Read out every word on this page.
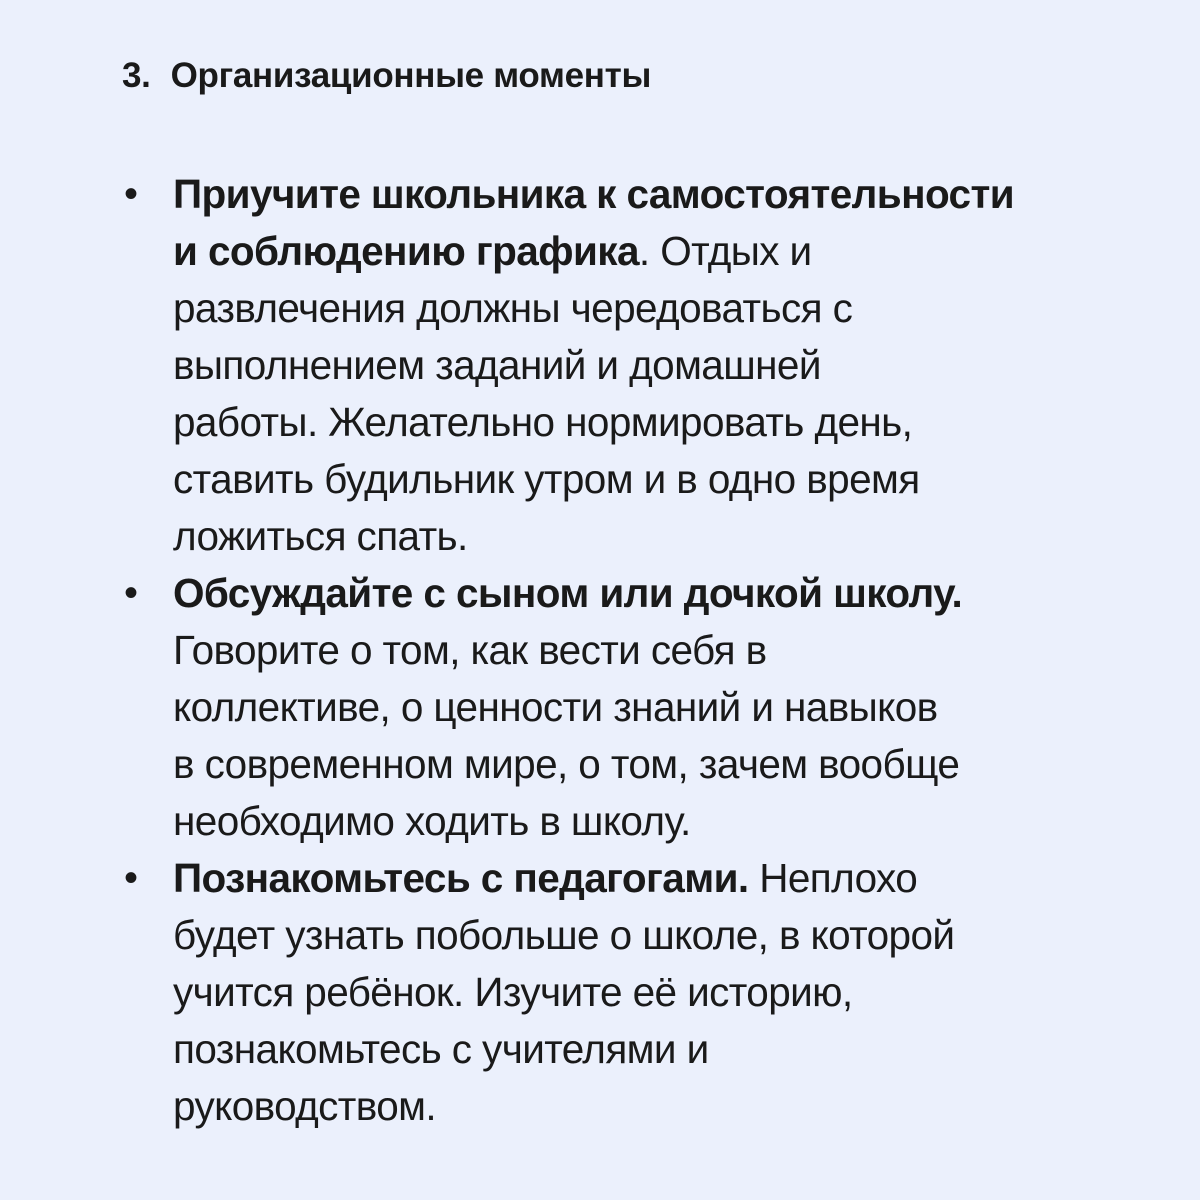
3. Организационные моменты
• Приучите школьника к самостоятельности
и соблюдению графика. Отдых и
развлечения должны чередоваться с
выполнением заданий и домашней
работы. Желательно нормировать день,
ставить будильник утром и в одно время
ложиться спать.
• Обсуждайте с сыном или дочкой школу.
Говорите о том, как вести себя в
коллективе, о ценности знаний и навыков
в современном мире, о том, зачем вообще
необходимо ходить в школу.
• Познакомьтесь с педагогами. Неплохо
будет узнать побольше о школе, в которой
учится ребёнок. Изучите её историю,
познакомьтесь с учителями и
руководством.
